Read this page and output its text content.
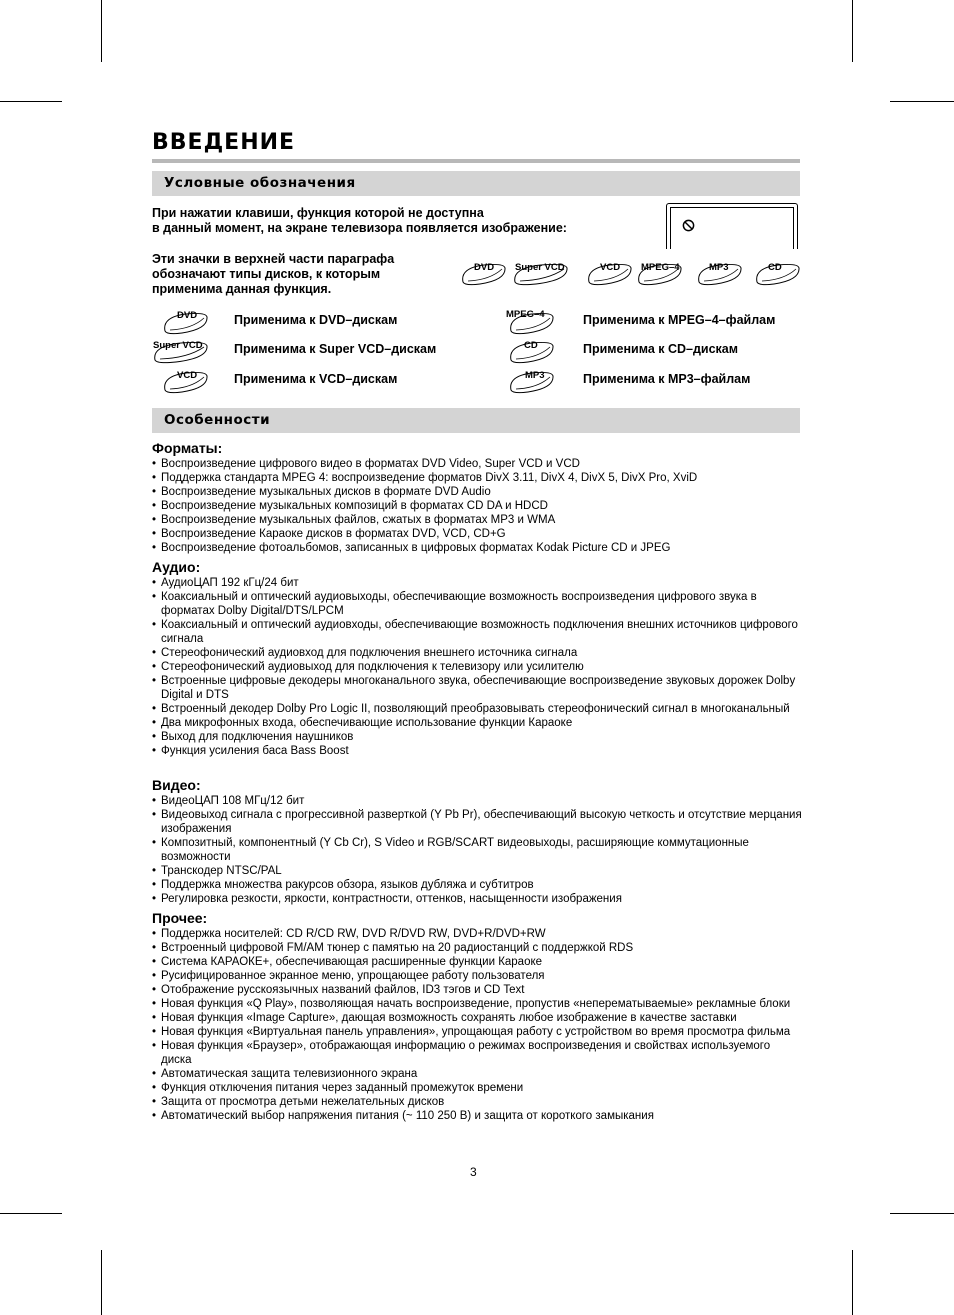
ВВЕДЕНИЕ
Условные обозначения
При нажатии клавиши, функция которой не доступна
в данный момент, на экране телевизора появляется изображение:
Эти значки в верхней части параграфа
обозначают типы дисков, к которым
применима данная функция.
DVD Super VCD	VCD MPEG–4	MP3	CD
DVD	Применима к DVD–дискам
Super VCD	Применима к Super VCD–дискам
VCD	Применима к VCD–дискам
MPEG–4	Применима к MPEG–4–файлам
CD	Применима к CD–дискам
MP3	Применима к MP3–файлам
Особенности
Форматы:
• Воспроизведение цифрового видео в форматах DVD Video, Super VCD и VCD
• Поддержка стандарта MPEG 4: воспроизведение форматов DivX 3.11, DivX 4, DivX 5, DivX Pro, XviD
• Воспроизведение музыкальных дисков в формате DVD Audio
• Воспроизведение музыкальных композиций в форматах CD DA и HDCD
• Воспроизведение музыкальных файлов, сжатых в форматах MP3 и WMA
• Воспроизведение Караоке дисков в форматах DVD, VCD, CD+G
• Воспроизведение фотоальбомов, записанных в цифровых форматах Kodak Picture CD и JPEG
Аудио:
• АудиоЦАП 192 кГц/24 бит
• Коаксиальный и оптический аудиовыходы, обеспечивающие возможность воспроизведения цифрового звука в форматах Dolby Digital/DTS/LPCM
• Коаксиальный и оптический аудиовходы, обеспечивающие возможность подключения внешних источников цифрового сигнала
• Стереофонический аудиовход для подключения внешнего источника сигнала
• Стереофонический аудиовыход для подключения к телевизору или усилителю
• Встроенные цифровые декодеры многоканального звука, обеспечивающие воспроизведение звуковых дорожек Dolby Digital и DTS
• Встроенный декодер Dolby Pro Logic II, позволяющий преобразовывать стереофонический сигнал в многоканальный
• Два микрофонных входа, обеспечивающие использование функции Караоке
• Выход для подключения наушников
• Функция усиления баса Bass Boost
Видео:
• ВидеоЦАП 108 МГц/12 бит
• Видеовыход сигнала с прогрессивной разверткой (Y Pb Pr), обеспечивающий высокую четкость и отсутствие мерцания изображения
• Композитный, компонентный (Y Cb Cr), S Video и RGB/SCART видеовыходы, расширяющие коммутационные возможности
• Транскодер NTSC/PAL
• Поддержка множества ракурсов обзора, языков дубляжа и субтитров
• Регулировка резкости, яркости, контрастности, оттенков, насыщенности изображения
Прочее:
• Поддержка носителей: CD R/CD RW, DVD R/DVD RW, DVD+R/DVD+RW
• Встроенный цифровой FM/AM тюнер с памятью на 20 радиостанций с поддержкой RDS
• Система КАРАОКЕ+, обеспечивающая расширенные функции Караоке
• Русифицированное экранное меню, упрощающее работу пользователя
• Отображение русскоязычных названий файлов, ID3 тэгов и CD Text
• Новая функция «Q Play», позволяющая начать воспроизведение, пропустив «неперематываемые» рекламные блоки
• Новая функция «Image Capture», дающая возможность сохранять любое изображение в качестве заставки
• Новая функция «Виртуальная панель управления», упрощающая работу с устройством во время просмотра фильма
• Новая функция «Браузер», отображающая информацию о режимах воспроизведения и свойствах используемого диска
• Автоматическая защита телевизионного экрана
• Функция отключения питания через заданный промежуток времени
• Защита от просмотра детьми нежелательных дисков
• Автоматический выбор напряжения питания (~ 110 250 В) и защита от короткого замыкания
3
